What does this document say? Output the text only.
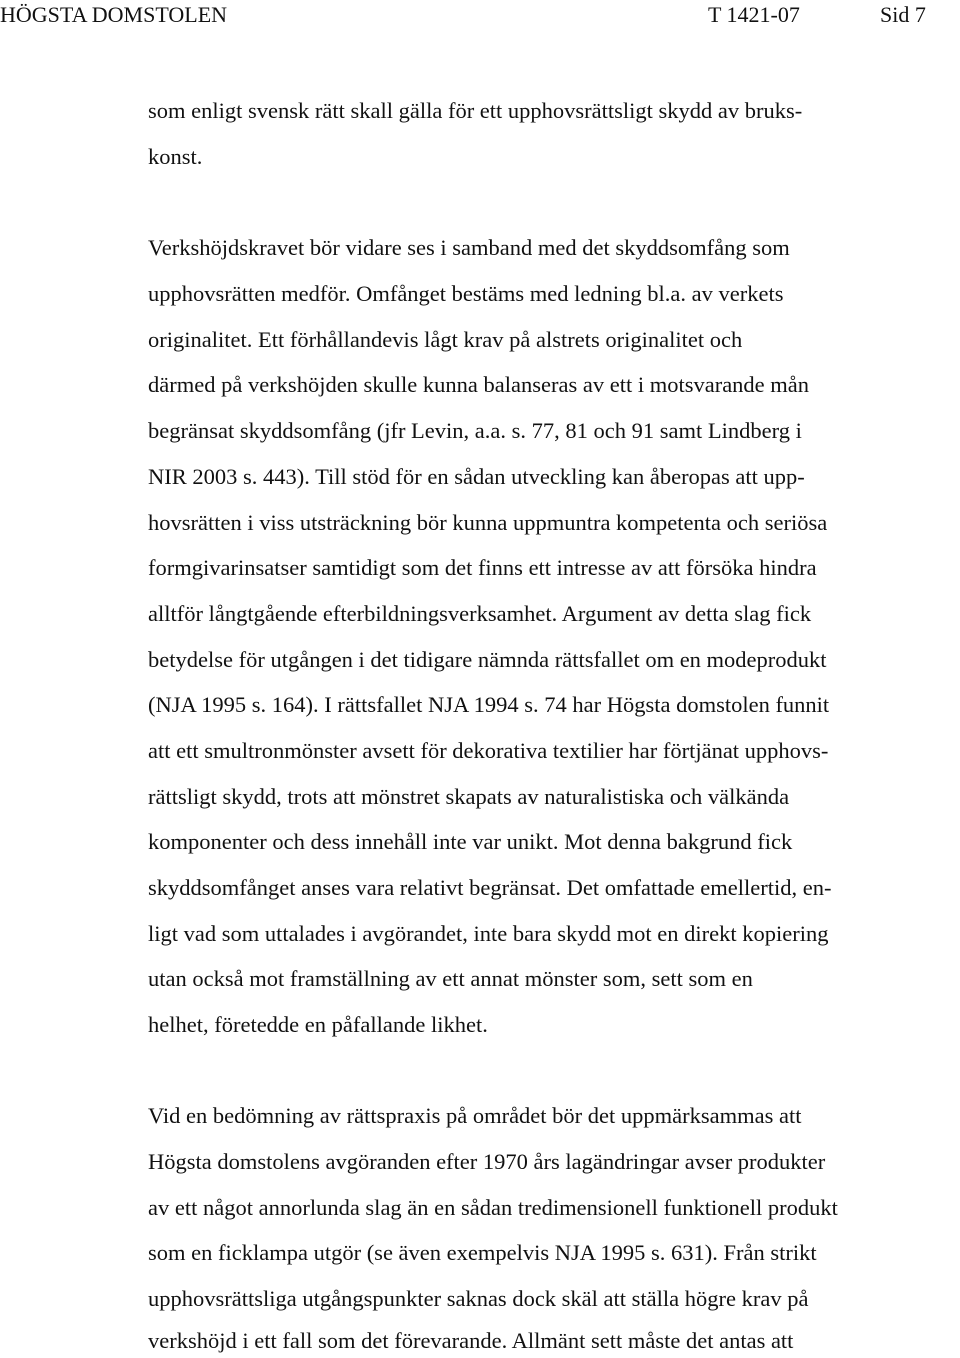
HÖGSTA DOMSTOLEN	T 1421-07	Sid 7
som enligt svensk rätt skall gälla för ett upphovsrättsligt skydd av bruks-
konst.
Verkshöjdskravet bör vidare ses i samband med det skyddsomfång som
upphovsrätten medför. Omfånget bestäms med ledning bl.a. av verkets
originalitet. Ett förhållandevis lågt krav på alstrets originalitet och
därmed på verkshöjden skulle kunna balanseras av ett i motsvarande mån
begränsat skyddsomfång (jfr Levin, a.a. s. 77, 81 och 91 samt Lindberg i
NIR 2003 s. 443). Till stöd för en sådan utveckling kan åberopas att upp-
hovsrätten i viss utsträckning bör kunna uppmuntra kompetenta och seriösa
formgivarinsatser samtidigt som det finns ett intresse av att försöka hindra
alltför långtgående efterbildningsverksamhet. Argument av detta slag fick
betydelse för utgången i det tidigare nämnda rättsfallet om en modeprodukt
(NJA 1995 s. 164). I rättsfallet NJA 1994 s. 74 har Högsta domstolen funnit
att ett smultronmönster avsett för dekorativa textilier har förtjänat upphovs-
rättsligt skydd, trots att mönstret skapats av naturalistiska och välkända
komponenter och dess innehåll inte var unikt. Mot denna bakgrund fick
skyddsomfånget anses vara relativt begränsat. Det omfattade emellertid, en-
ligt vad som uttalades i avgörandet, inte bara skydd mot en direkt kopiering
utan också mot framställning av ett annat mönster som, sett som en
helhet, företedde en påfallande likhet.
Vid en bedömning av rättspraxis på området bör det uppmärksammas att
Högsta domstolens avgöranden efter 1970 års lagändringar avser produkter
av ett något annorlunda slag än en sådan tredimensionell funktionell produkt
som en ficklampa utgör (se även exempelvis NJA 1995 s. 631). Från strikt
upphovsrättsliga utgångspunkter saknas dock skäl att ställa högre krav på
verkshöjd i ett fall som det förevarande. Allmänt sett måste det antas att
